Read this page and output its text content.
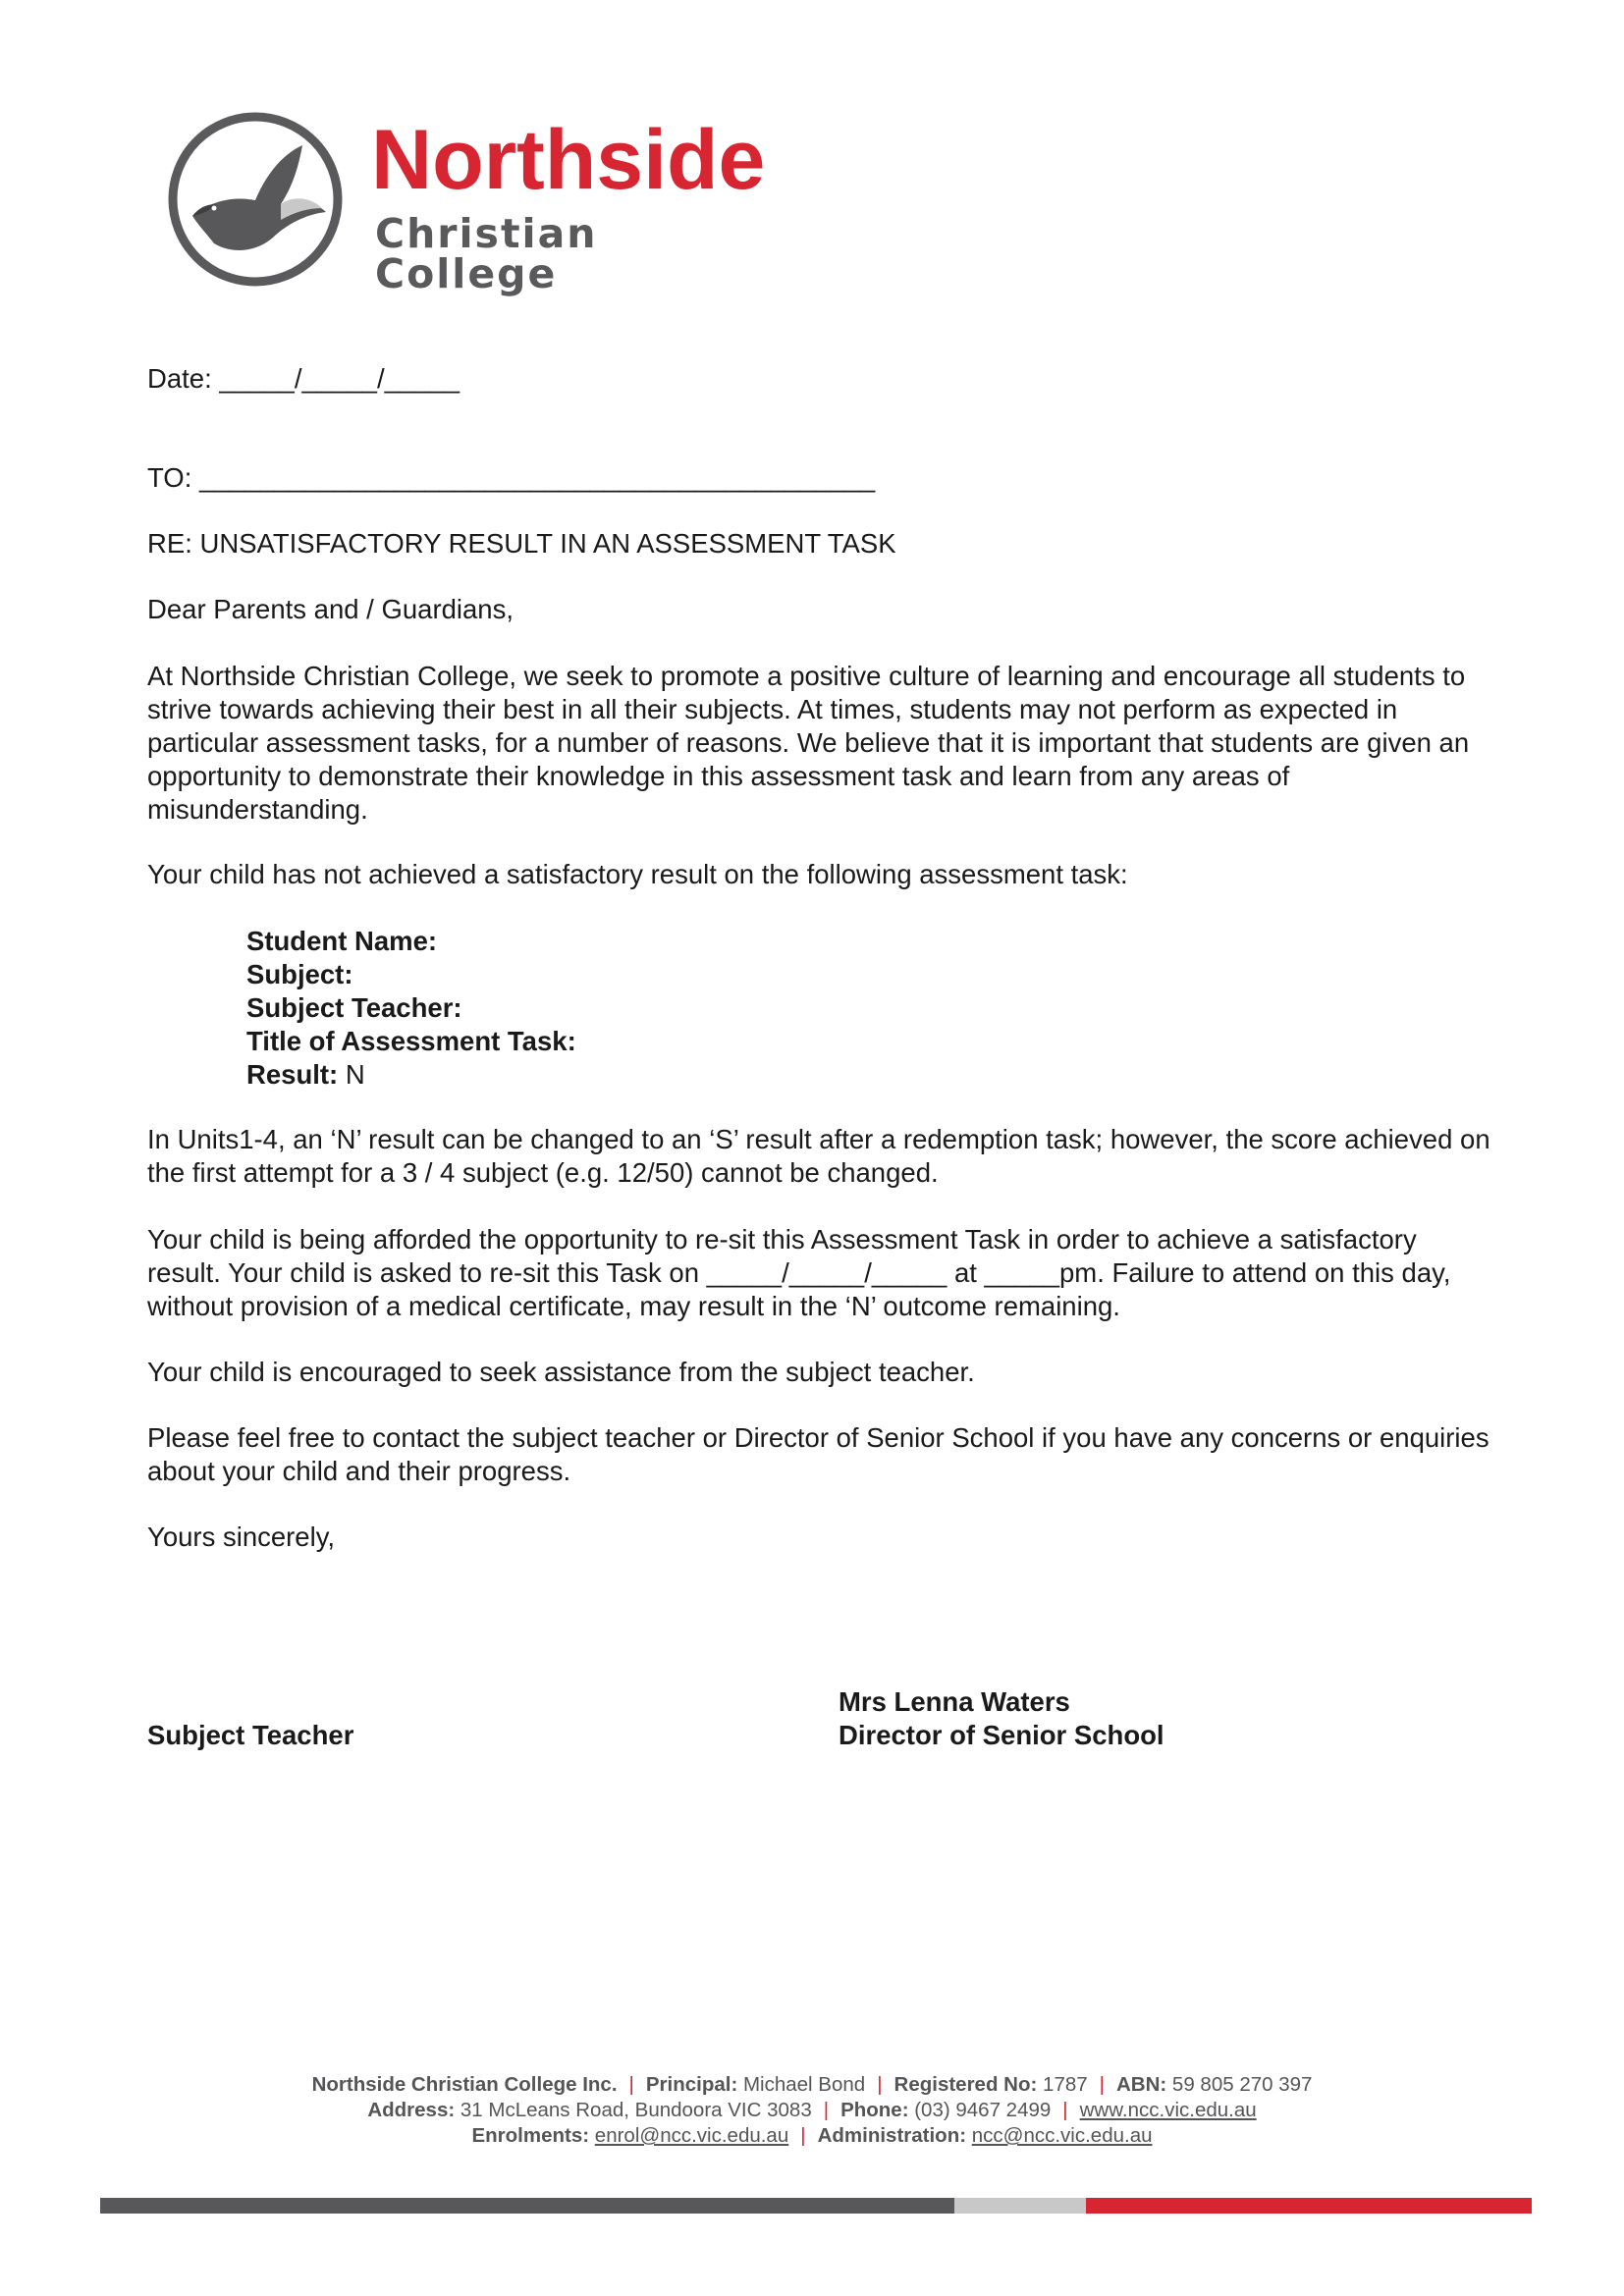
Northside
Christian College
Date: _____/_____/_____
TO: _____________________________________________
RE: UNSATISFACTORY RESULT IN AN ASSESSMENT TASK
Dear Parents and / Guardians,

At Northside Christian College, we seek to promote a positive culture of learning and encourage all students to strive towards achieving their best in all their subjects. At times, students may not perform as expected in particular assessment tasks, for a number of reasons. We believe that it is important that students are given an opportunity to demonstrate their knowledge in this assessment task and learn from any areas of misunderstanding.

Your child has not achieved a satisfactory result on the following assessment task:

Student Name:
Subject:
Subject Teacher:
Title of Assessment Task:
Result: N

In Units1-4, an ‘N’ result can be changed to an ‘S’ result after a redemption task; however, the score achieved on the first attempt for a 3 / 4 subject (e.g. 12/50) cannot be changed.

Your child is being afforded the opportunity to re-sit this Assessment Task in order to achieve a satisfactory result. Your child is asked to re-sit this Task on _____/_____/_____ at _____pm. Failure to attend on this day, without provision of a medical certificate, may result in the ‘N’ outcome remaining.

Your child is encouraged to seek assistance from the subject teacher.

Please feel free to contact the subject teacher or Director of Senior School if you have any concerns or enquiries about your child and their progress.

Yours sincerely,

Subject Teacher
Mrs Lenna Waters
Director of Senior School
Northside Christian College Inc. | Principal: Michael Bond | Registered No: 1787 | ABN: 59 805 270 397
Address: 31 McLeans Road, Bundoora VIC 3083 | Phone: (03) 9467 2499 | www.ncc.vic.edu.au
Enrolments: enrol@ncc.vic.edu.au | Administration: ncc@ncc.vic.edu.au
